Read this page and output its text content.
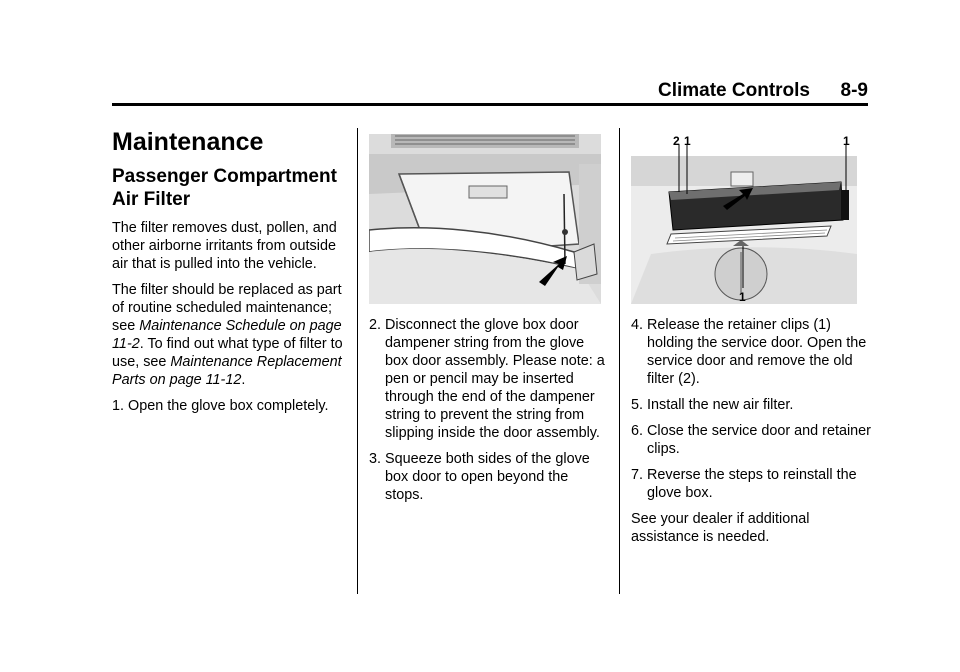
Climate Controls 8-9
Maintenance
Passenger Compartment Air Filter

The filter removes dust, pollen, and other airborne irritants from outside air that is pulled into the vehicle.

The filter should be replaced as part of routine scheduled maintenance; see Maintenance Schedule on page 11-2. To find out what type of filter to use, see Maintenance Replacement Parts on page 11-12.

1. Open the glove box completely.
2. Disconnect the glove box door dampener string from the glove box door assembly. Please note: a pen or pencil may be inserted through the end of the dampener string to prevent the string from slipping inside the door assembly.
3. Squeeze both sides of the glove box door to open beyond the stops.
2 1	1
1
4. Release the retainer clips (1) holding the service door. Open the service door and remove the old filter (2).
5. Install the new air filter.
6. Close the service door and retainer clips.
7. Reverse the steps to reinstall the glove box.

See your dealer if additional assistance is needed.
